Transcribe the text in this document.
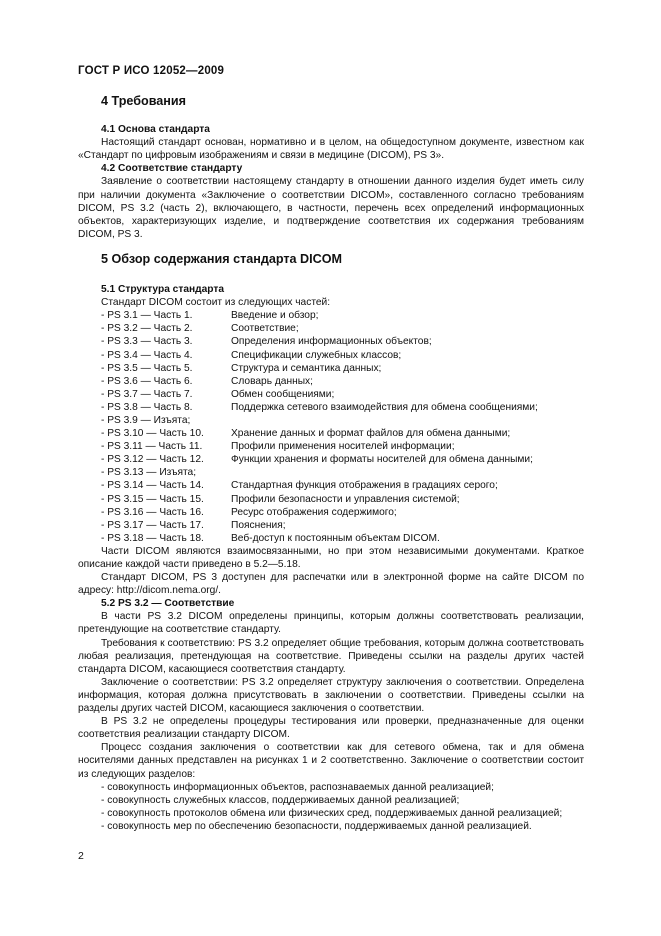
ГОСТ Р ИСО 12052—2009
4 Требования
4.1 Основа стандарта

Настоящий стандарт основан, нормативно и в целом, на общедоступном документе, известном как «Стандарт по цифровым изображениям и связи в медицине (DICOM), PS 3».

4.2 Соответствие стандарту

Заявление о соответствии настоящему стандарту в отношении данного изделия будет иметь силу при наличии документа «Заключение о соответствии DICOM», составленного согласно требованиям DICOM, PS 3.2 (часть 2), включающего, в частности, перечень всех определений информационных объектов, характеризующих изделие, и подтверждение соответствия их содержания требованиям DICOM, PS 3.

5 Обзор содержания стандарта DICOM
5.1 Структура стандарта

Стандарт DICOM состоит из следующих частей:

- PS 3.1 — Часть 1.	Введение и обзор;
- PS 3.2 — Часть 2.	Соответствие;
- PS 3.3 — Часть 3.	Определения информационных объектов;
- PS 3.4 — Часть 4.	Спецификации служебных классов;
- PS 3.5 — Часть 5.	Структура и семантика данных;
- PS 3.6 — Часть 6.	Словарь данных;
- PS 3.7 — Часть 7.	Обмен сообщениями;
- PS 3.8 — Часть 8.	Поддержка сетевого взаимодействия для обмена сообщениями;
- PS 3.9 — Изъята;
- PS 3.10 — Часть 10.	Хранение данных и формат файлов для обмена данными;
- PS 3.11 — Часть 11.	Профили применения носителей информации;
- PS 3.12 — Часть 12.	Функции хранения и форматы носителей для обмена данными;
- PS 3.13 — Изъята;
- PS 3.14 — Часть 14.	Стандартная функция отображения в градациях серого;
- PS 3.15 — Часть 15.	Профили безопасности и управления системой;
- PS 3.16 — Часть 16.	Ресурс отображения содержимого;
- PS 3.17 — Часть 17.	Пояснения;
- PS 3.18 — Часть 18.	Веб-доступ к постоянным объектам DICOM.

Части DICOM являются взаимосвязанными, но при этом независимыми документами. Краткое описание каждой части приведено в 5.2—5.18.

Стандарт DICOM, PS 3 доступен для распечатки или в электронной форме на сайте DICOM по адресу: http://dicom.nema.org/.

5.2 PS 3.2 — Соответствие

В части PS 3.2 DICOM определены принципы, которым должны соответствовать реализации, претендующие на соответствие стандарту.

Требования к соответствию: PS 3.2 определяет общие требования, которым должна соответствовать любая реализация, претендующая на соответствие. Приведены ссылки на разделы других частей стандарта DICOM, касающиеся соответствия стандарту.

Заключение о соответствии: PS 3.2 определяет структуру заключения о соответствии. Определена информация, которая должна присутствовать в заключении о соответствии. Приведены ссылки на разделы других частей DICOM, касающиеся заключения о соответствии.

В PS 3.2 не определены процедуры тестирования или проверки, предназначенные для оценки соответствия реализации стандарту DICOM.

Процесс создания заключения о соответствии как для сетевого обмена, так и для обмена носителями данных представлен на рисунках 1 и 2 соответственно. Заключение о соответствии состоит из следующих разделов:

- совокупность информационных объектов, распознаваемых данной реализацией;
- совокупность служебных классов, поддерживаемых данной реализацией;
- совокупность протоколов обмена или физических сред, поддерживаемых данной реализацией;
- совокупность мер по обеспечению безопасности, поддерживаемых данной реализацией.
2
